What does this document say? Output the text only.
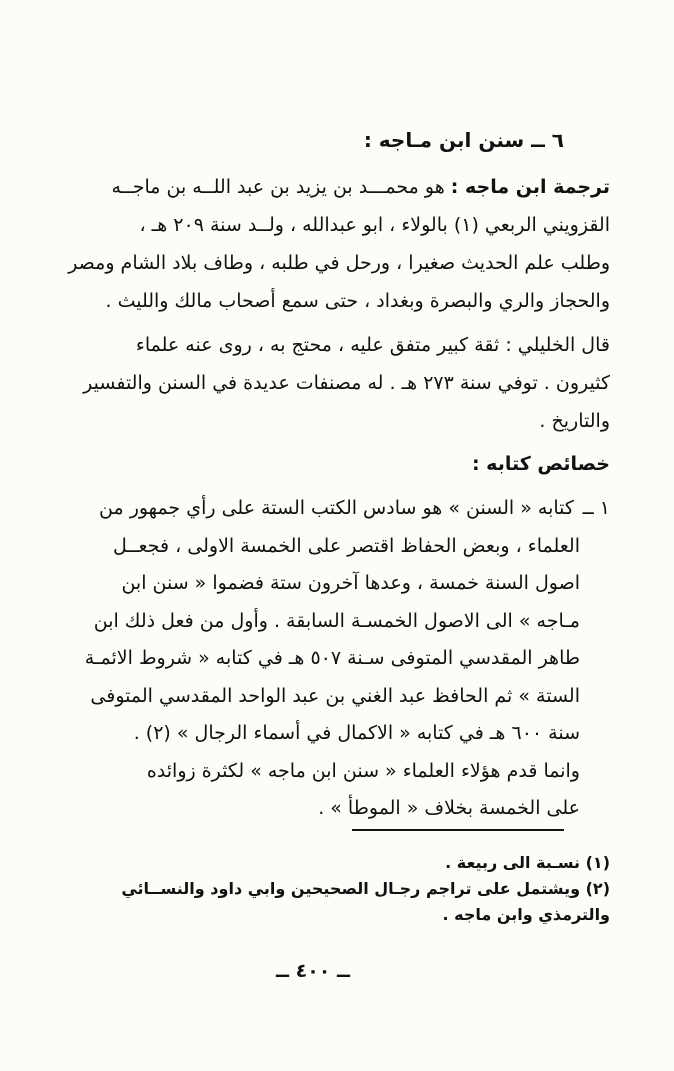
٦ ــ سنن ابن مـاجه :
ترجمة ابن ماجه : هو محمـــد بن يزيد بن عبد اللــه بن ماجــه
القزويني الربعي (١) بالولاء ، ابو عبدالله ، ولــد سنة ٢٠٩ هـ ،
وطلب علم الحديث صغيرا ، ورحل في طلبه ، وطاف بلاد الشام ومصر
والحجاز والري والبصرة وبغداد ، حتى سمع أصحاب مالك والليث .
قال الخليلي : ثقة كبير متفق عليه ، محتج به ، روى عنه علماء
كثيرون . توفي سنة ٢٧٣ هـ . له مصنفات عديدة في السنن والتفسير
والتاريخ .
خصائص كتابه :
١ ــ كتابه « السنن » هو سادس الكتب الستة على رأي جمهور من
العلماء ، وبعض الحفاظ اقتصر على الخمسة الاولى ، فجعــل
اصول السنة خمسة ، وعدها آخرون ستة فضموا « سنن ابن
مـاجه » الى الاصول الخمسـة السابقة . وأول من فعل ذلك ابن
طاهر المقدسي المتوفى سـنة ٥٠٧ هـ في كتابه « شروط الائمـة
الستة » ثم الحافظ عبد الغني بن عبد الواحد المقدسي المتوفى
سنة ٦٠٠ هـ في كتابه « الاكمال في أسماء الرجال » (٢) .
وانما قدم هؤلاء العلماء « سنن ابن ماجه » لكثرة زوائده
على الخمسة بخلاف « الموطأ » .
(١) نسـبة الى ربيعة .
(٢) ويشتمل على تراجم رجـال الصحيحين وابي داود والنســائي
والترمذي وابن ماجه .
ــ ٤٠٠ ــ
